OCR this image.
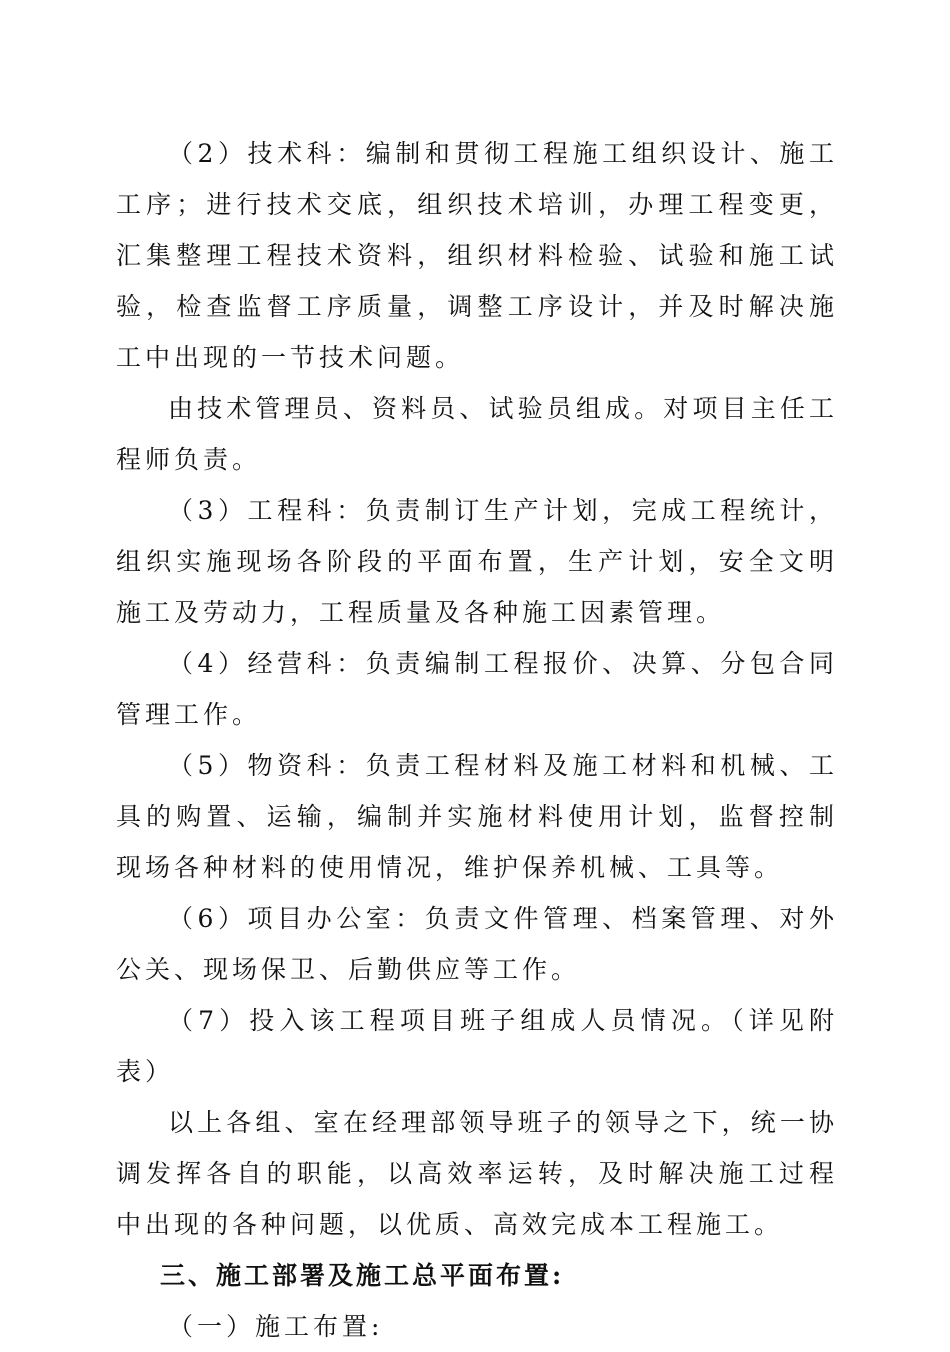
（2）技术科：编制和贯彻工程施工组织设计、施工工序；进行技术交底，组织技术培训，办理工程变更，汇集整理工程技术资料，组织材料检验、试验和施工试验，检查监督工序质量，调整工序设计，并及时解决施工中出现的一节技术问题。

由技术管理员、资料员、试验员组成。对项目主任工程师负责。

（3）工程科：负责制订生产计划，完成工程统计，组织实施现场各阶段的平面布置，生产计划，安全文明施工及劳动力，工程质量及各种施工因素管理。

（4）经营科：负责编制工程报价、决算、分包合同管理工作。

（5）物资科：负责工程材料及施工材料和机械、工具的购置、运输，编制并实施材料使用计划，监督控制现场各种材料的使用情况，维护保养机械、工具等。

（6）项目办公室：负责文件管理、档案管理、对外公关、现场保卫、后勤供应等工作。

（7）投入该工程项目班子组成人员情况。（详见附表）

以上各组、室在经理部领导班子的领导之下，统一协调发挥各自的职能，以高效率运转，及时解决施工过程中出现的各种问题，以优质、高效完成本工程施工。

三、施工部署及施工总平面布置:

（一）施工布置:
